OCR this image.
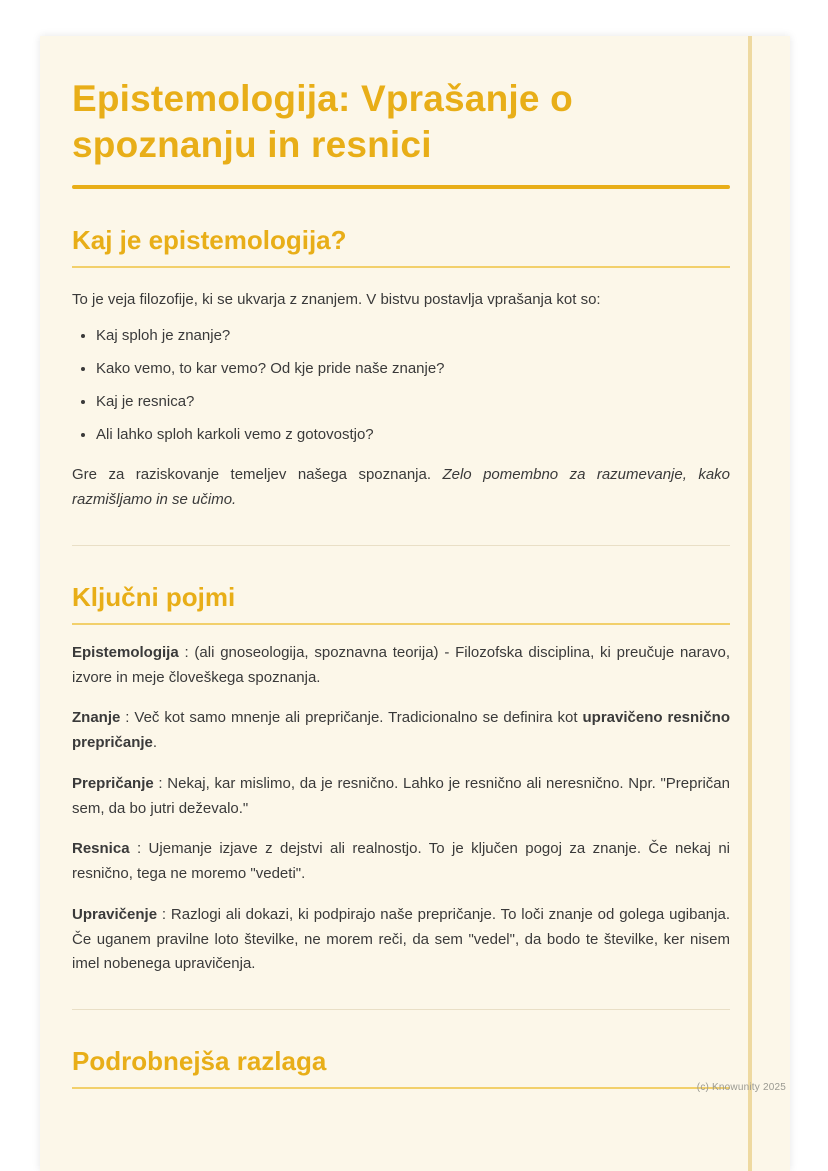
Epistemologija: Vprašanje o spoznanju in resnici
Kaj je epistemologija?

To je veja filozofije, ki se ukvarja z znanjem. V bistvu postavlja vprašanja kot so:

• Kaj sploh je znanje?
• Kako vemo, to kar vemo? Od kje pride naše znanje?
• Kaj je resnica?
• Ali lahko sploh karkoli vemo z gotovostjo?

Gre za raziskovanje temeljev našega spoznanja. Zelo pomembno za razumevanje, kako razmišljamo in se učimo.

Ključni pojmi

Epistemologija : (ali gnoseologija, spoznavna teorija) - Filozofska disciplina, ki preučuje naravo, izvore in meje človeškega spoznanja.

Znanje : Več kot samo mnenje ali prepričanje. Tradicionalno se definira kot upravičeno resnično prepričanje.

Prepričanje : Nekaj, kar mislimo, da je resnično. Lahko je resnično ali neresnično. Npr. "Prepričan sem, da bo jutri deževalo."

Resnica : Ujemanje izjave z dejstvi ali realnostjo. To je ključen pogoj za znanje. Če nekaj ni resnično, tega ne moremo "vedeti".

Upravičenje : Razlogi ali dokazi, ki podpirajo naše prepričanje. To loči znanje od golega ugibanja. Če uganem pravilne loto številke, ne morem reči, da sem "vedel", da bodo te številke, ker nisem imel nobenega upravičenja.

Podrobnejša razlaga
(c) Knowunity 2025
